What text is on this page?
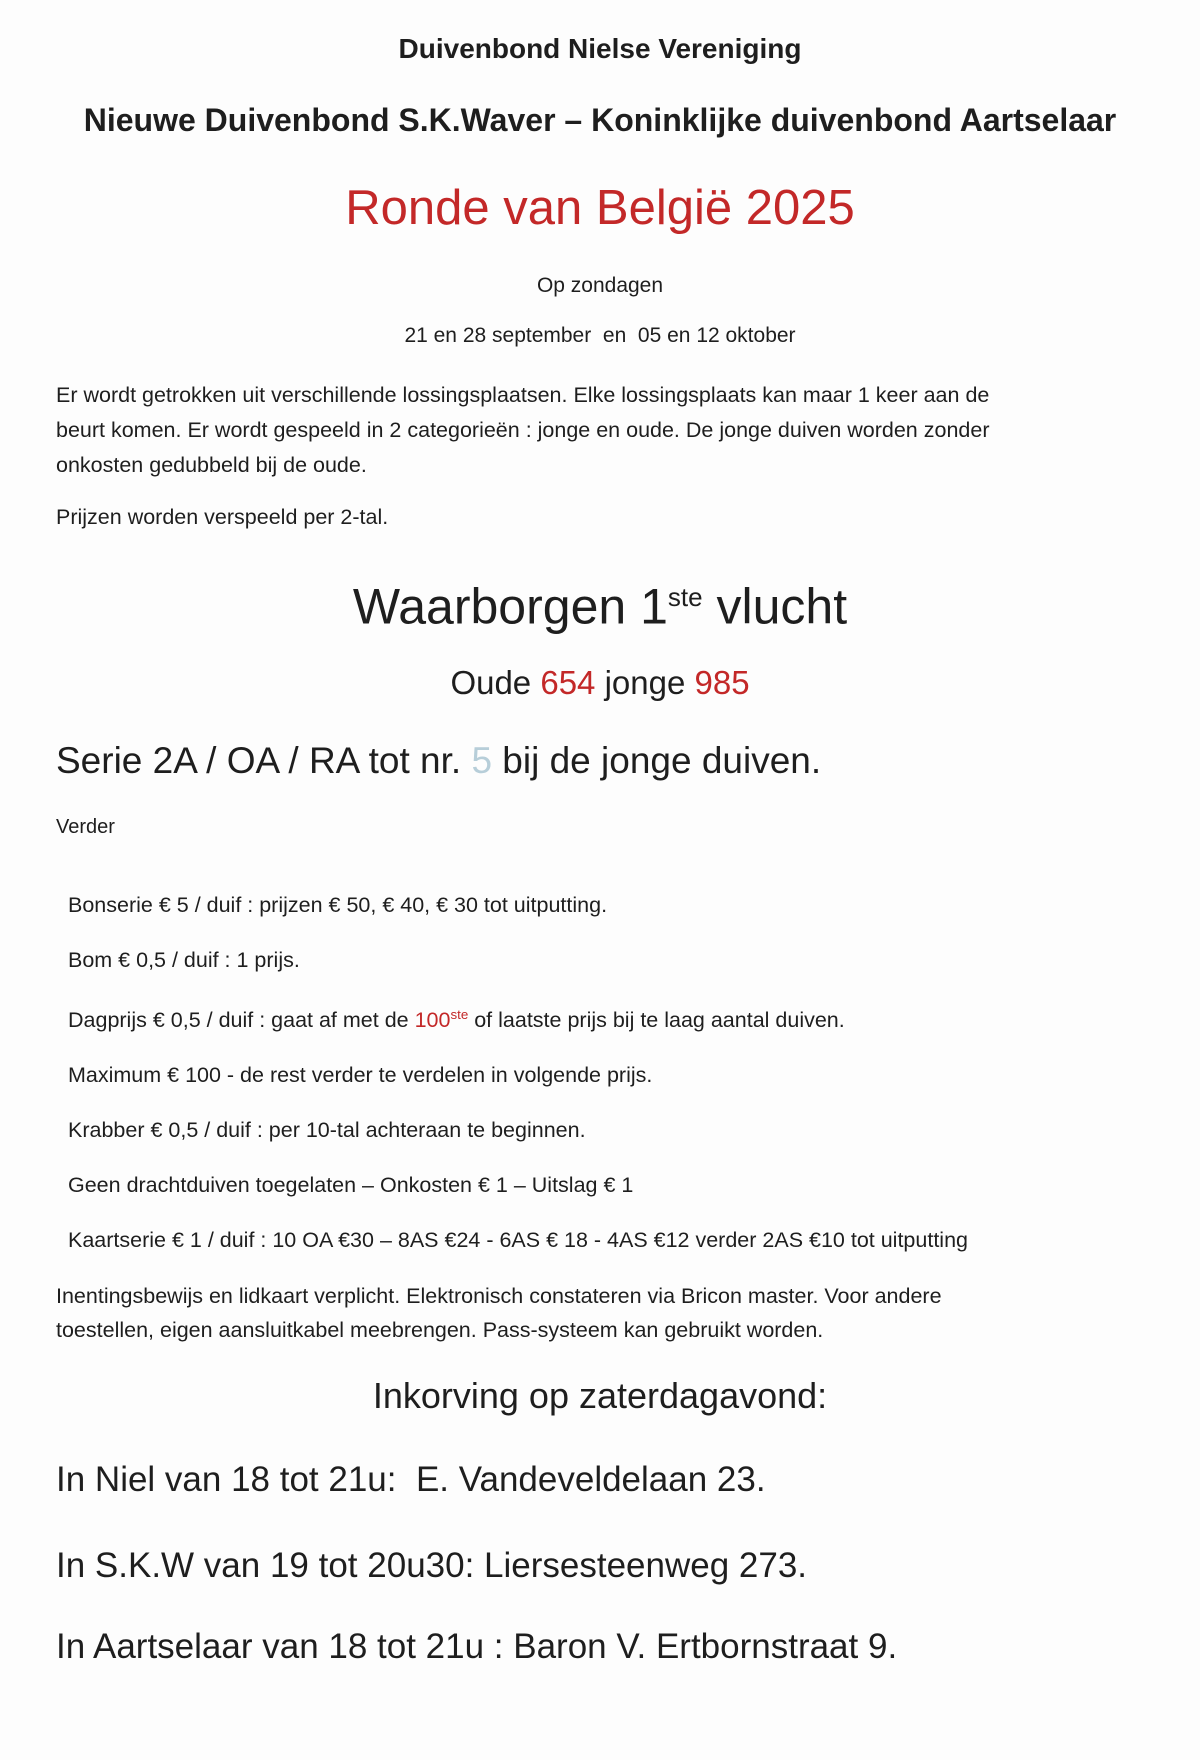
Duivenbond Nielse Vereniging
Nieuwe Duivenbond S.K.Waver – Koninklijke duivenbond Aartselaar
Ronde van België 2025
Op zondagen
21 en 28 september  en  05 en 12 oktober
Er wordt getrokken uit verschillende lossingsplaatsen. Elke lossingsplaats kan maar 1 keer aan de
beurt komen. Er wordt gespeeld in 2 categorieën : jonge en oude. De jonge duiven worden zonder
onkosten gedubbeld bij de oude.
Prijzen worden verspeeld per 2-tal.
Waarborgen 1ste vlucht
Oude 654 jonge 985
Serie 2A / OA / RA tot nr. 5 bij de jonge duiven.
Verder
Bonserie € 5 / duif : prijzen € 50, € 40, € 30 tot uitputting.
Bom € 0,5 / duif : 1 prijs.
Dagprijs € 0,5 / duif : gaat af met de 100ste of laatste prijs bij te laag aantal duiven.
Maximum € 100 - de rest verder te verdelen in volgende prijs.
Krabber € 0,5 / duif : per 10-tal achteraan te beginnen.
Geen drachtduiven toegelaten – Onkosten € 1 – Uitslag € 1
Kaartserie € 1 / duif : 10 OA €30 – 8AS €24 - 6AS € 18 - 4AS €12 verder 2AS €10 tot uitputting
Inentingsbewijs en lidkaart verplicht. Elektronisch constateren via Bricon master. Voor andere
toestellen, eigen aansluitkabel meebrengen. Pass-systeem kan gebruikt worden.
Inkorving op zaterdagavond:
In Niel van 18 tot 21u:  E. Vandeveldelaan 23.
In S.K.W van 19 tot 20u30: Liersesteenweg 273.
In Aartselaar van 18 tot 21u : Baron V. Ertbornstraat 9.
